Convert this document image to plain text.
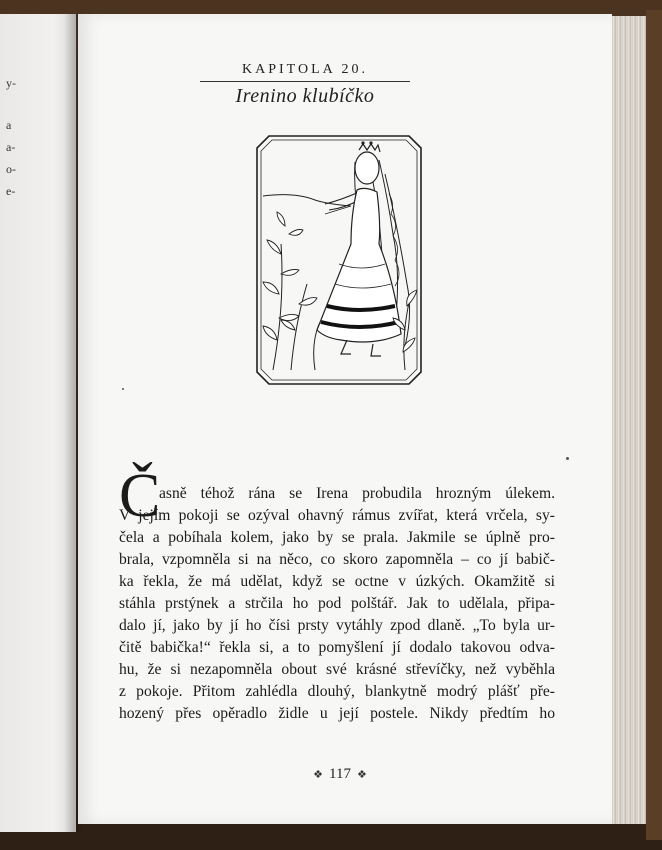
y-
a
a-
o-
e-
KAPITOLA 20.
Irenino klubíčko
Č
asně téhož rána se Irena probudila hrozným úlekem.
V jejím pokoji se ozýval ohavný rámus zvířat, která vrčela, sy-
čela a pobíhala kolem, jako by se prala. Jakmile se úplně pro-
brala, vzpomněla si na něco, co skoro zapomněla – co jí babič-
ka řekla, že má udělat, když se octne v úzkých. Okamžitě si
stáhla prstýnek a strčila ho pod polštář. Jak to udělala, připa-
dalo jí, jako by jí ho čísi prsty vytáhly zpod dlaně. „To byla ur-
čitě babička!“ řekla si, a to pomyšlení jí dodalo takovou odva-
hu, že si nezapomněla obout své krásné střevíčky, než vyběhla
z pokoje. Přitom zahlédla dlouhý, blankytně modrý plášť pře-
hozený přes opěradlo židle u její postele. Nikdy předtím ho
❖ 117 ❖
